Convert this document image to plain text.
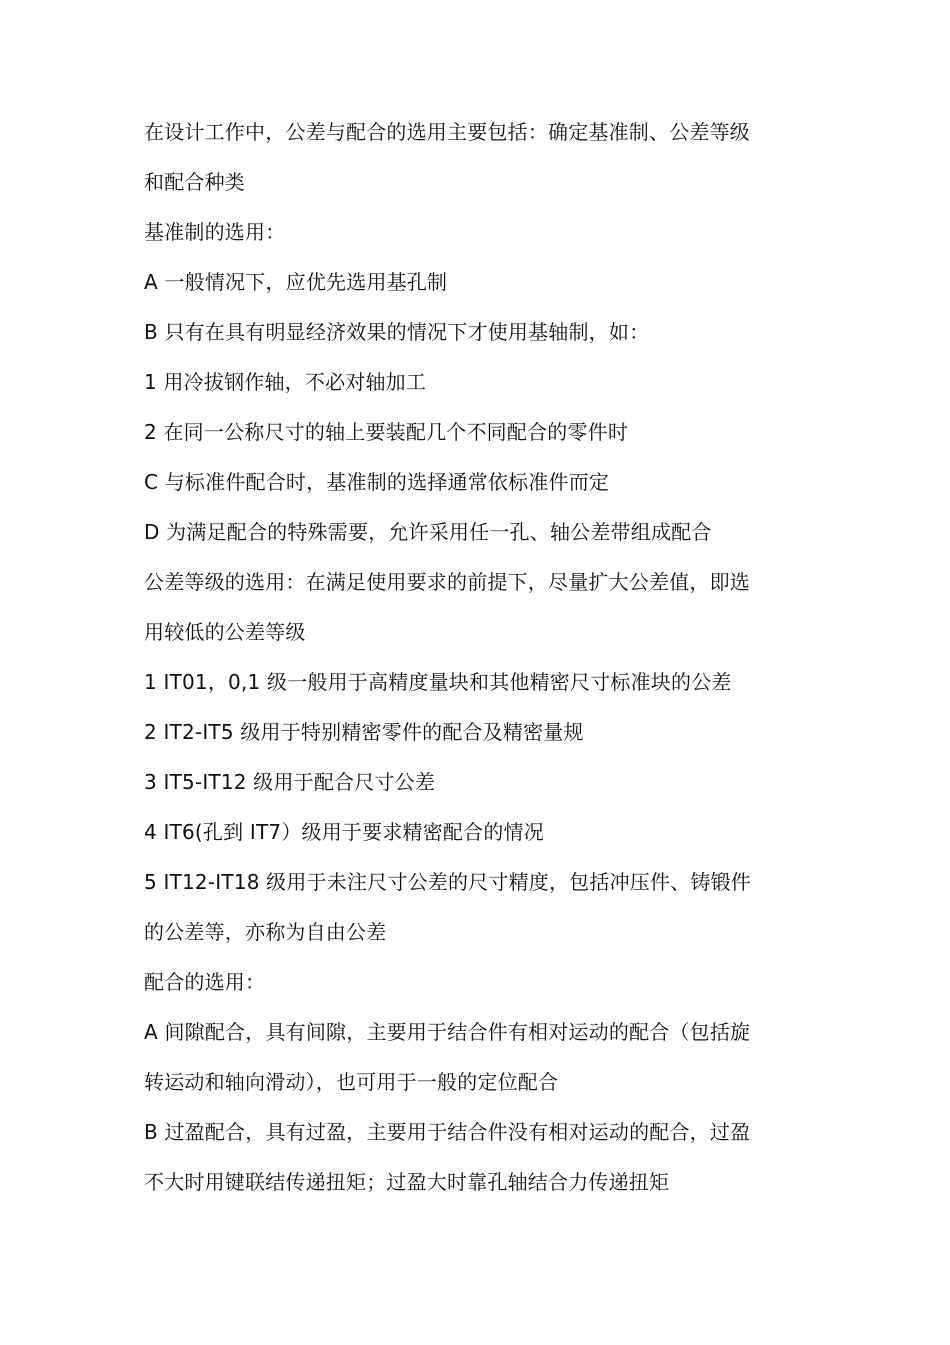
在设计工作中，公差与配合的选用主要包括：确定基准制、公差等级

和配合种类

基准制的选用：

A 一般情况下，应优先选用基孔制

B 只有在具有明显经济效果的情况下才使用基轴制，如：

1 用冷拔钢作轴，不必对轴加工

2 在同一公称尺寸的轴上要装配几个不同配合的零件时

C 与标准件配合时，基准制的选择通常依标准件而定

D 为满足配合的特殊需要，允许采用任一孔、轴公差带组成配合

公差等级的选用：在满足使用要求的前提下，尽量扩大公差值，即选

用较低的公差等级

1 IT01，0,1 级一般用于高精度量块和其他精密尺寸标准块的公差

2 IT2-IT5 级用于特别精密零件的配合及精密量规

3 IT5-IT12 级用于配合尺寸公差

4 IT6(孔到 IT7）级用于要求精密配合的情况

5 IT12-IT18 级用于未注尺寸公差的尺寸精度，包括冲压件、铸锻件

的公差等，亦称为自由公差

配合的选用：

A 间隙配合，具有间隙，主要用于结合件有相对运动的配合（包括旋

转运动和轴向滑动），也可用于一般的定位配合

B 过盈配合，具有过盈，主要用于结合件没有相对运动的配合，过盈

不大时用键联结传递扭矩；过盈大时靠孔轴结合力传递扭矩
